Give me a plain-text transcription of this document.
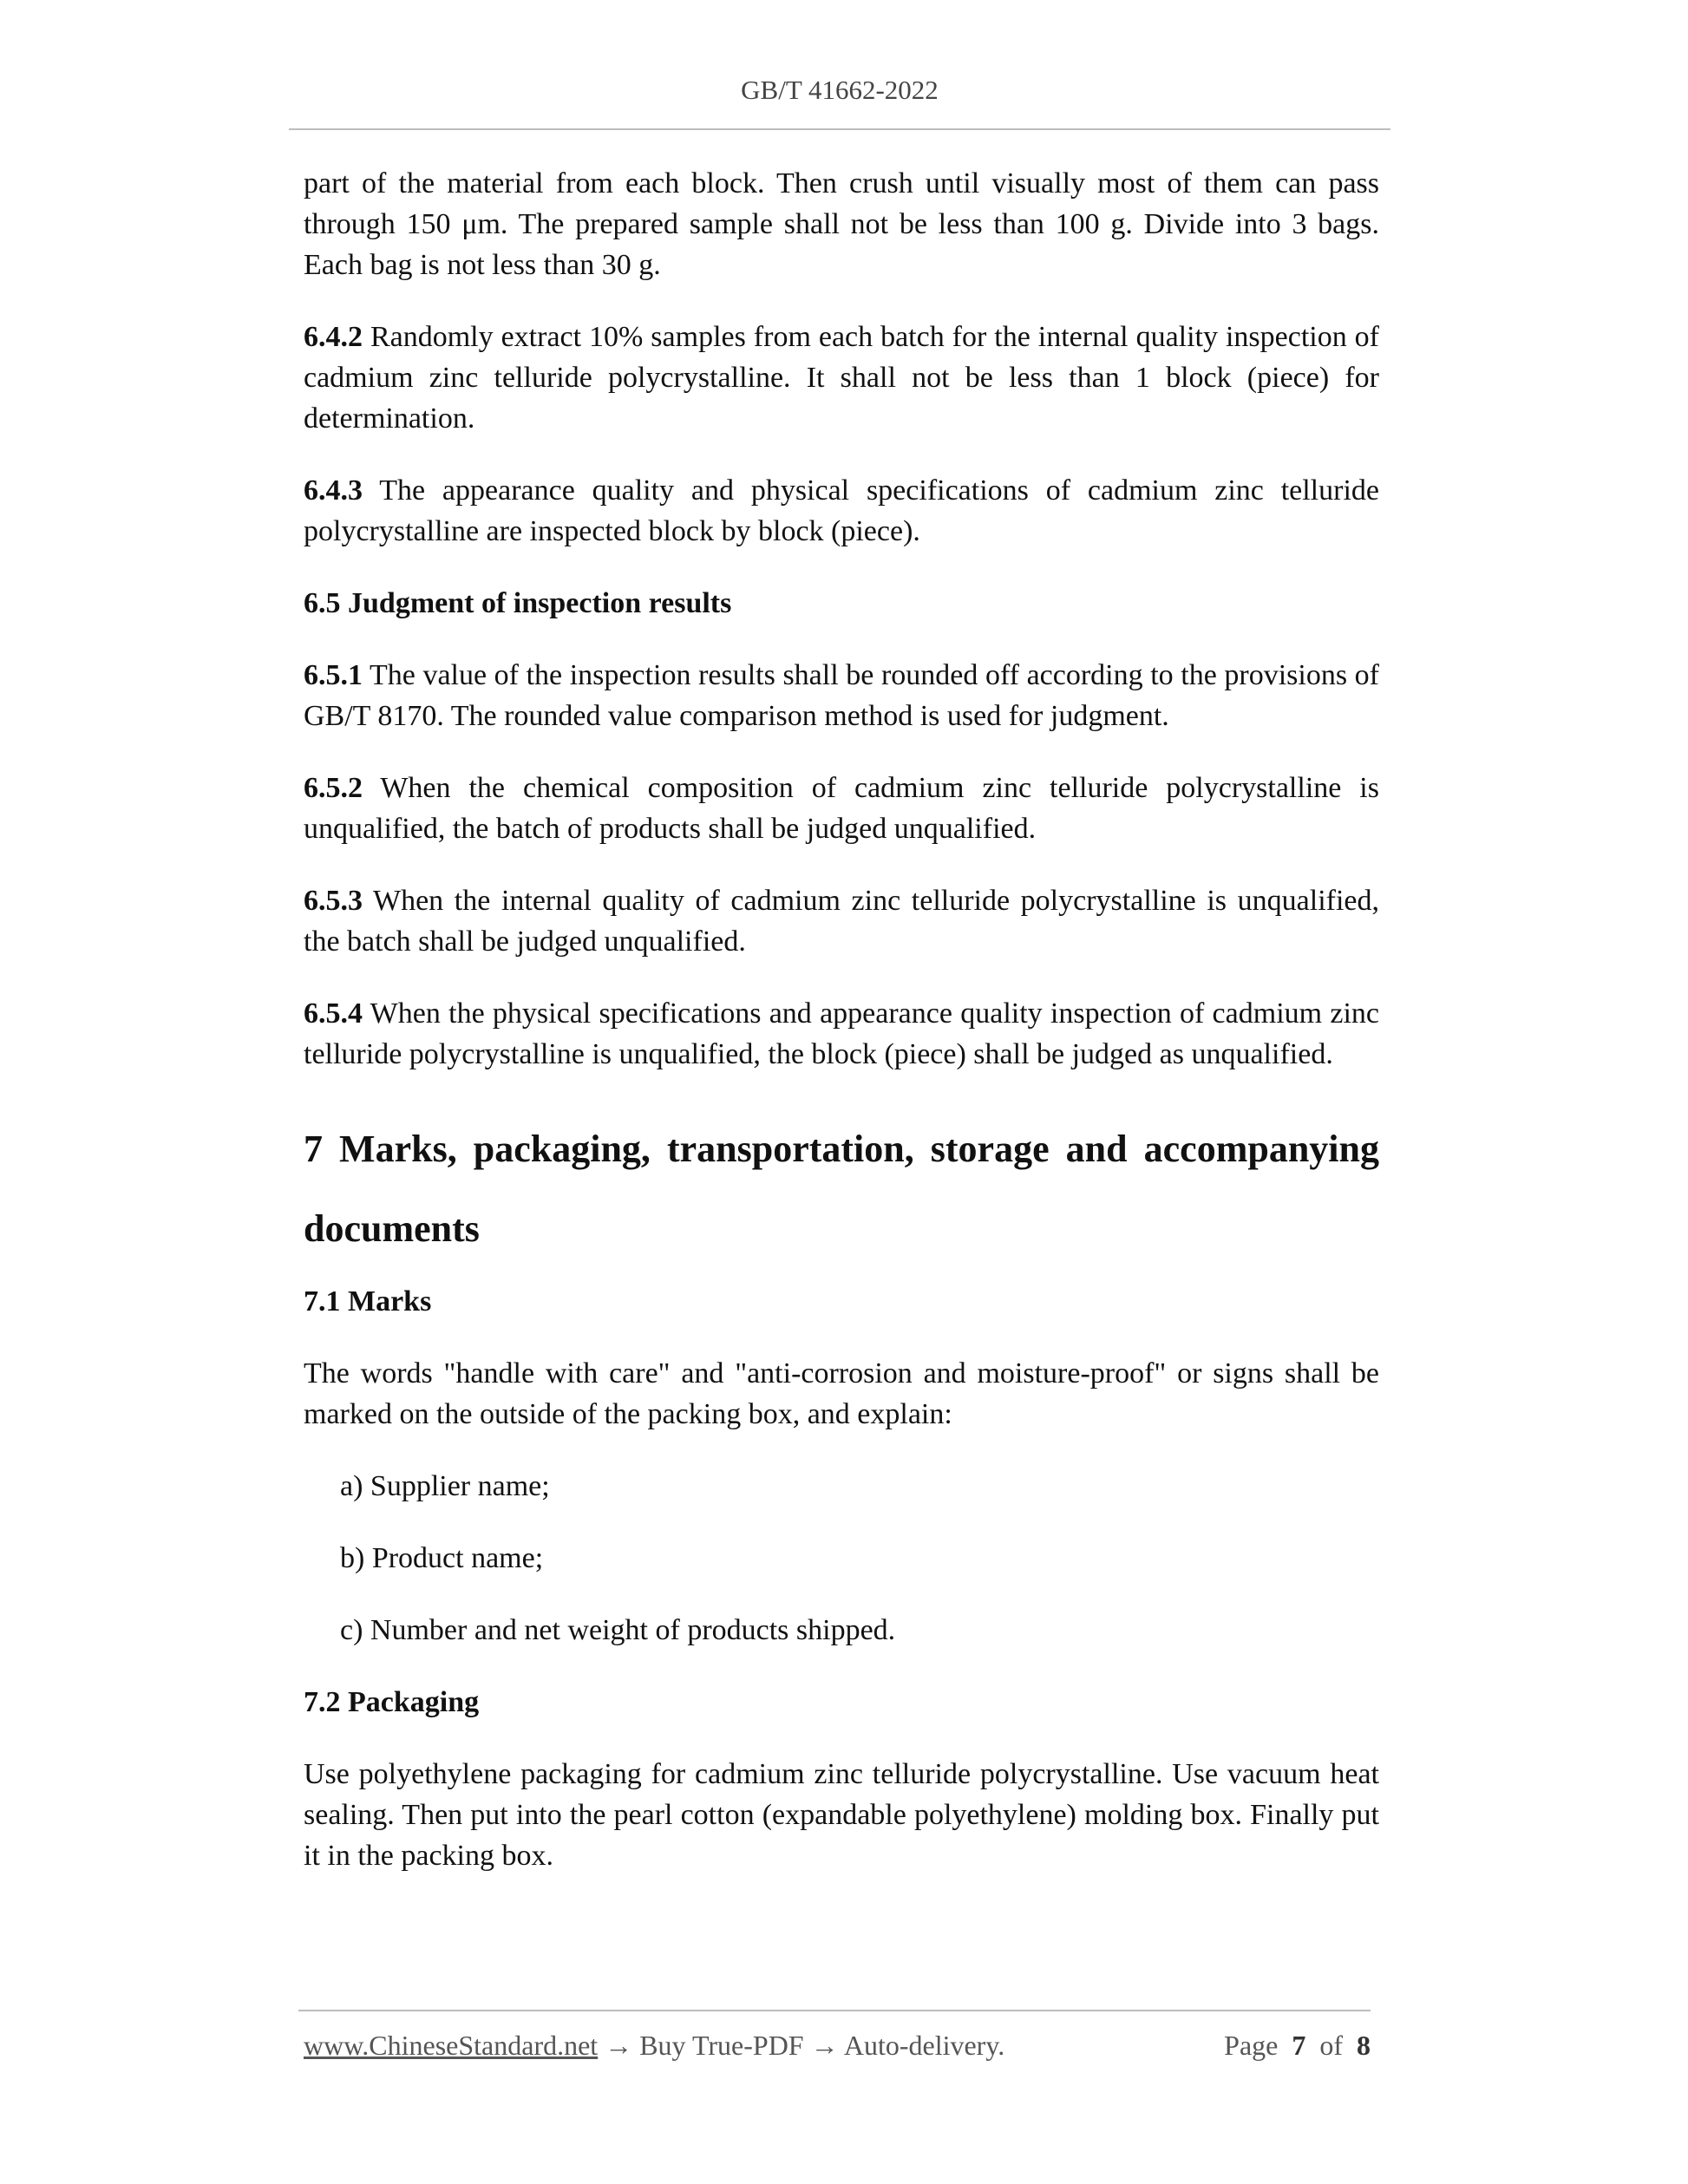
GB/T 41662-2022

part of the material from each block. Then crush until visually most of them can pass through 150 μm. The prepared sample shall not be less than 100 g. Divide into 3 bags. Each bag is not less than 30 g.

6.4.2 Randomly extract 10% samples from each batch for the internal quality inspection of cadmium zinc telluride polycrystalline. It shall not be less than 1 block (piece) for determination.

6.4.3 The appearance quality and physical specifications of cadmium zinc telluride polycrystalline are inspected block by block (piece).

6.5 Judgment of inspection results

6.5.1 The value of the inspection results shall be rounded off according to the provisions of GB/T 8170. The rounded value comparison method is used for judgment.

6.5.2 When the chemical composition of cadmium zinc telluride polycrystalline is unqualified, the batch of products shall be judged unqualified.

6.5.3 When the internal quality of cadmium zinc telluride polycrystalline is unqualified, the batch shall be judged unqualified.

6.5.4 When the physical specifications and appearance quality inspection of cadmium zinc telluride polycrystalline is unqualified, the block (piece) shall be judged as unqualified.

7 Marks, packaging, transportation, storage and accompanying
documents

7.1 Marks

The words "handle with care" and "anti-corrosion and moisture-proof" or signs shall be marked on the outside of the packing box, and explain:

a) Supplier name;

b) Product name;

c) Number and net weight of products shipped.

7.2 Packaging

Use polyethylene packaging for cadmium zinc telluride polycrystalline. Use vacuum heat sealing. Then put into the pearl cotton (expandable polyethylene) molding box. Finally put it in the packing box.

www.ChineseStandard.net → Buy True-PDF → Auto-delivery.	Page 7 of 8
